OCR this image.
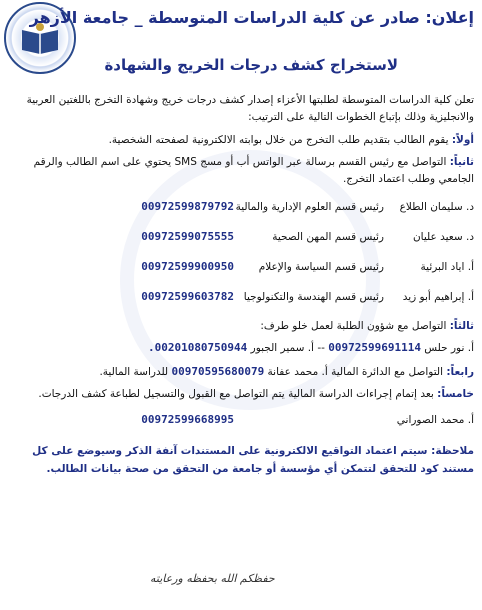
إعلان: صادر عن كلية الدراسات المتوسطة _ جامعة الأزهر
لاستخراج كشف درجات الخريج والشهادة

تعلن كلية الدراسات المتوسطة لطلبتها الأعزاء إصدار كشف درجات خريج وشهادة التخرج باللغتين العربية والانجليزية وذلك بإتباع الخطوات التالية على الترتيب:

أولاً: يقوم الطالب بتقديم طلب التخرج من خلال بوابته الالكترونية لصفحته الشخصية.

ثانياً: التواصل مع رئيس القسم برسالة عبر الواتس أب أو مسج SMS يحتوي على اسم الطالب والرقم الجامعي وطلب اعتماد التخرج.

د. سليمان الطلاع
رئيس قسم العلوم الإدارية والمالية
00972599879792
د. سعيد عليان
رئيس قسم المهن الصحية
00972599075555
أ. اياد البرئية
رئيس قسم السياسة والإعلام
00972599900950
أ. إبراهيم أبو زيد
رئيس قسم الهندسة والتكنولوجيا
00972599603782

ثالثاً: التواصل مع شؤون الطلبة لعمل خلو طرف:

أ. نور حلس 00972599691114 -- أ. سمير الجبور 00201080750944.

رابعاً: التواصل مع الدائرة المالية أ. محمد عفانة 00970595680079 للدراسة المالية.

خامساً: بعد إتمام إجراءات الدراسة المالية يتم التواصل مع القبول والتسجيل لطباعة كشف الدرجات.

أ. محمد الصوراني
00972599668995

ملاحظة: سيتم اعتماد التواقيع الالكترونية على المستندات آنفة الذكر وسيوضع على كل مستند كود للتحقق لتتمكن أي مؤسسة أو جامعة من التحقق من صحة بيانات الطالب.

حفظكم الله بحفظه ورعايته
